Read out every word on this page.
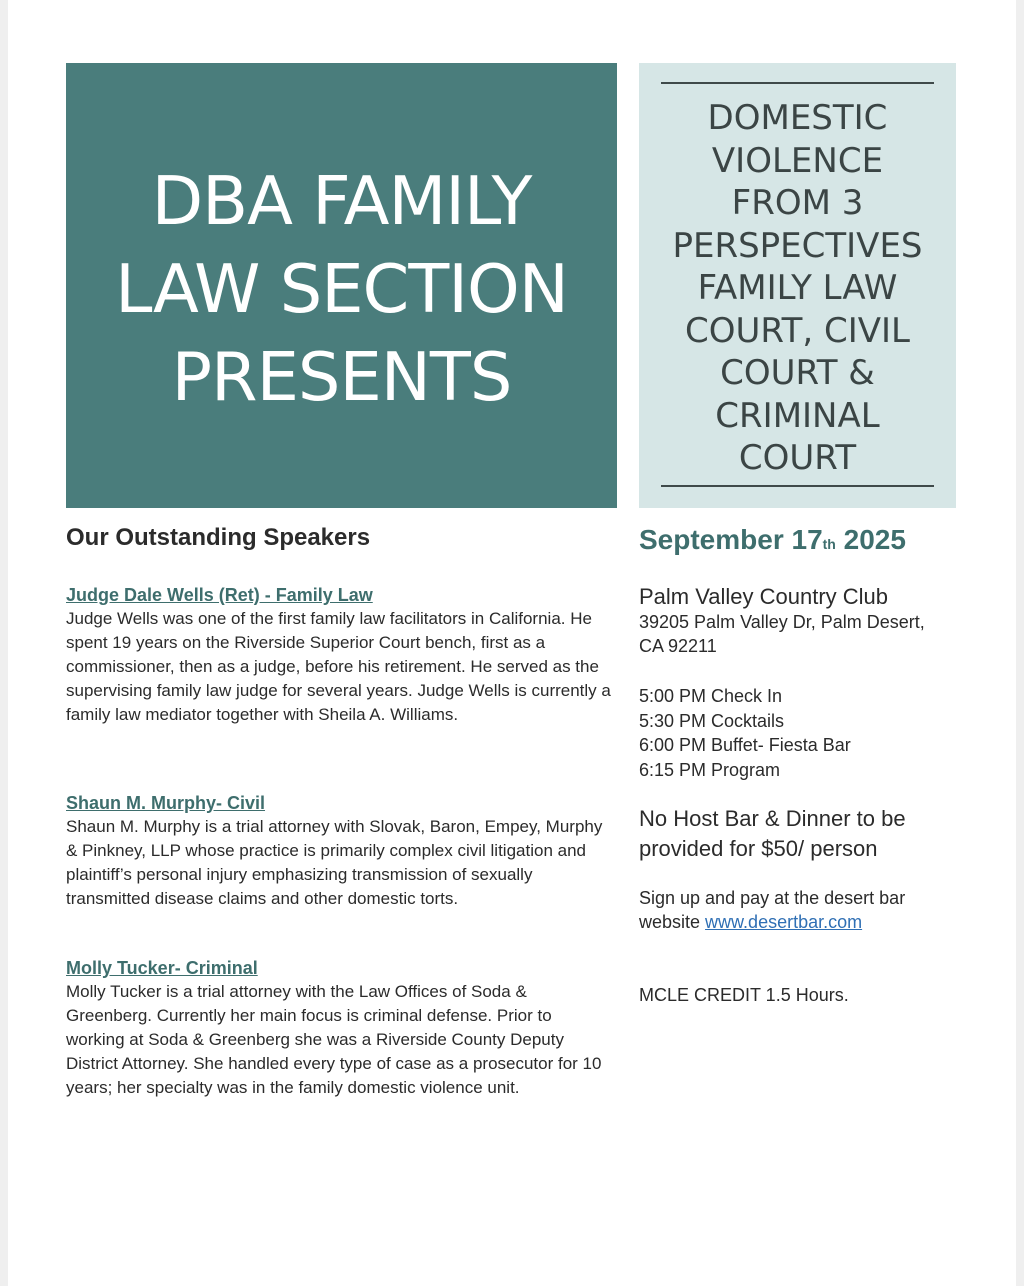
DBA FAMILY
LAW SECTION
PRESENTS

DOMESTIC
VIOLENCE
FROM 3
PERSPECTIVES
FAMILY LAW
COURT, CIVIL
COURT &
CRIMINAL
COURT

Our Outstanding Speakers
Judge Dale Wells (Ret) - Family Law

Judge Wells was one of the first family law facilitators in California. He spent 19 years on the Riverside Superior Court bench, first as a commissioner, then as a judge, before his retirement. He served as the supervising family law judge for several years. Judge Wells is currently a family law mediator together with Sheila A. Williams.

Shaun M. Murphy- Civil

Shaun M. Murphy is a trial attorney with Slovak, Baron, Empey, Murphy & Pinkney, LLP whose practice is primarily complex civil litigation and plaintiff’s personal injury emphasizing transmission of sexually transmitted disease claims and other domestic torts.

Molly Tucker- Criminal

Molly Tucker is a trial attorney with the Law Offices of Soda & Greenberg. Currently her main focus is criminal defense. Prior to working at Soda & Greenberg she was a Riverside County Deputy District Attorney. She handled every type of case as a prosecutor for 10 years; her specialty was in the family domestic violence unit.

September 17th 2025

Palm Valley Country Club

39205 Palm Valley Dr, Palm Desert, CA 92211

5:00 PM Check In
5:30 PM Cocktails
6:00 PM Buffet- Fiesta Bar
6:15 PM Program

No Host Bar & Dinner to be provided for $50/ person

Sign up and pay at the desert bar website www.desertbar.com

MCLE CREDIT 1.5 Hours.
